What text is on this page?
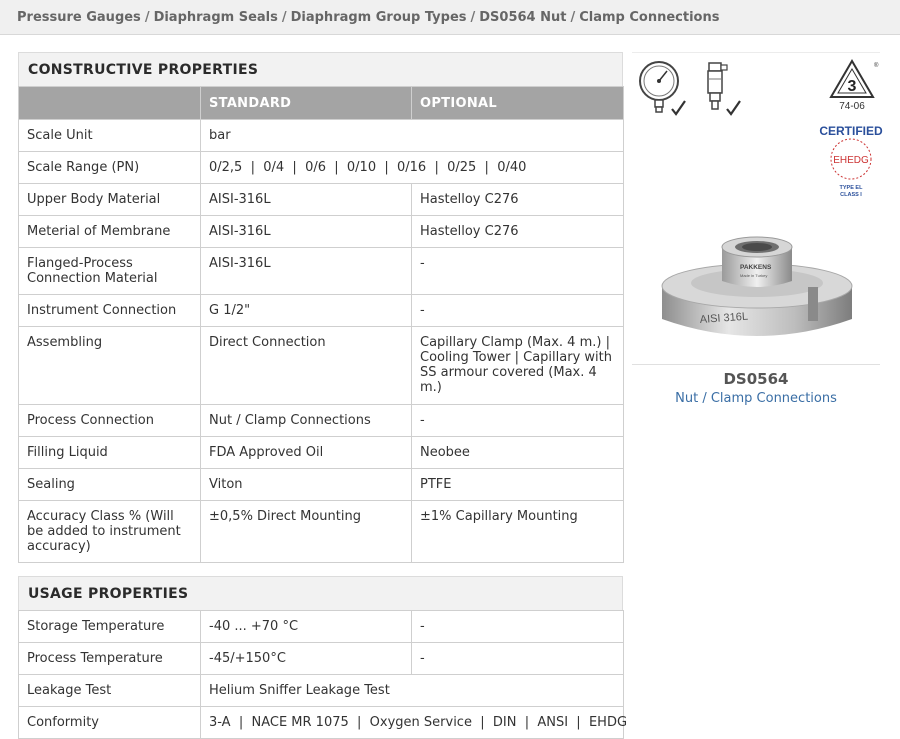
Pressure Gauges / Diaphragm Seals / Diaphragm Group Types / DS0564 Nut / Clamp Connections
CONSTRUCTIVE PROPERTIES
	STANDARD	OPTIONAL
Scale Unit	bar	
Scale Range (PN)	0/2,5  |  0/4  |  0/6  |  0/10  |  0/16  |  0/25  |  0/40	
Upper Body Material	AISI-316L	Hastelloy C276
Meterial of Membrane	AISI-316L	Hastelloy C276
Flanged-Process Connection Material	AISI-316L	-
Instrument Connection	G 1/2"	-
Assembling	Direct Connection	Capillary Clamp (Max. 4 m.) | Cooling Tower | Capillary with SS armour covered (Max. 4 m.)
Process Connection	Nut / Clamp Connections	-
Filling Liquid	FDA Approved Oil	Neobee
Sealing	Viton	PTFE
Accuracy Class % (Will be added to instrument accuracy)	±0,5% Direct Mounting	±1% Capillary Mounting
USAGE PROPERTIES
Storage Temperature	-40 ... +70 °C	-
Process Temperature	-45/+150°C	-
Leakage Test	Helium Sniffer Leakage Test	
Conformity	3-A  |  NACE MR 1075  |  Oxygen Service  |  DIN  |  ANSI  |  EHDG	
3
®
74-06
CERTIFIED
EHEDG
TYPE EL
CLASS I
PAKKENS
Made in Turkey
AISI 316L
DS0564
Nut / Clamp Connections
